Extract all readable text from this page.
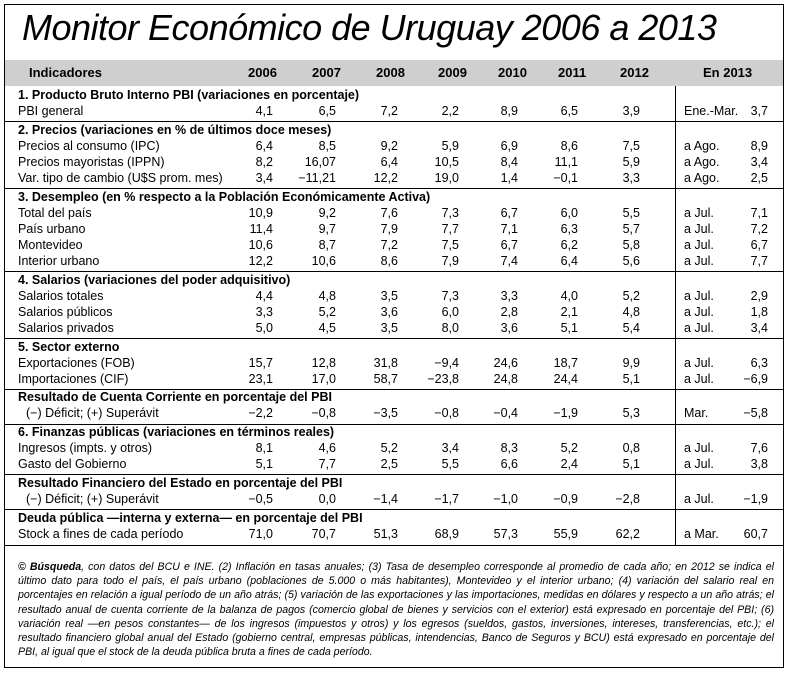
Monitor Económico de Uruguay 2006 a 2013
Indicadores	2006	2007	2008	2009 2010 2011	2012	En 2013
1. Producto Bruto Interno PBI (variaciones en porcentaje)
PBI general	4,1	6,5	7,2	2,2	8,9	6,5	3,9	Ene.-Mar. 3,7
2. Precios (variaciones en % de últimos doce meses)
Precios al consumo (IPC)	6,4	8,5	9,2	5,9	6,9	8,6	7,5	a Ago. 8,9
Precios mayoristas (IPPN)	8,2	16,07	6,4	10,5	8,4	11,1	5,9	a Ago. 3,4
Var. tipo de cambio (U$S prom. mes)	3,4 −11,21	12,2	19,0	1,4	−0,1	3,3	a Ago. 2,5
3. Desempleo (en % respecto a la Población Económicamente Activa)
Total del país	10,9	9,2	7,6	7,3	6,7	6,0	5,5	a Jul.	7,1
País urbano	11,4	9,7	7,9	7,7	7,1	6,3	5,7	a Jul.	7,2
Montevideo	10,6	8,7	7,2	7,5	6,7	6,2	5,8	a Jul.	6,7
Interior urbano	12,2	10,6	8,6	7,9	7,4	6,4	5,6	a Jul.	7,7
4. Salarios (variaciones del poder adquisitivo)
Salarios totales	4,4	4,8	3,5	7,3	3,3	4,0	5,2	a Jul.	2,9
Salarios públicos	3,3	5,2	3,6	6,0	2,8	2,1	4,8	a Jul.	1,8
Salarios privados	5,0	4,5	3,5	8,0	3,6	5,1	5,4	a Jul.	3,4
5. Sector externo
Exportaciones (FOB)	15,7	12,8	31,8	−9,4	24,6	18,7	9,9	a Jul.	6,3
Importaciones (CIF)	23,1	17,0	58,7 −23,8	24,8	24,4	5,1	a Jul. −6,9
Resultado de Cuenta Corriente en porcentaje del PBI
(−) Déficit; (+) Superávit	−2,2	−0,8	−3,5	−0,8	−0,4	−1,9	5,3	Mar.	−5,8
6. Finanzas públicas (variaciones en términos reales)
Ingresos (impts. y otros)	8,1	4,6	5,2	3,4	8,3	5,2	0,8	a Jul.	7,6
Gasto del Gobierno	5,1	7,7	2,5	5,5	6,6	2,4	5,1	a Jul.	3,8
Resultado Financiero del Estado en porcentaje del PBI
(−) Déficit; (+) Superávit	−0,5	0,0	−1,4	−1,7	−1,0	−0,9	−2,8	a Jul. −1,9
Deuda pública —interna y externa— en porcentaje del PBI
Stock a fines de cada período	71,0	70,7	51,3	68,9	57,3	55,9	62,2	a Mar. 60,7
© Búsqueda, con datos del BCU e INE. (2) Inflación en tasas anuales; (3) Tasa de desempleo corresponde al promedio de cada año; en 2012 se indica el último dato para todo el país, el país urbano (poblaciones de 5.000 o más habitantes), Montevideo y el interior urbano; (4) variación del salario real en porcentajes en relación a igual período de un año atrás; (5) variación de las exportaciones y las importaciones, medidas en dólares y respecto a un año atrás; el resultado anual de cuenta corriente de la balanza de pagos (comercio global de bienes y servicios con el exterior) está expresado en porcentaje del PBI; (6) variación real —en pesos constantes— de los ingresos (impuestos y otros) y los egresos (sueldos, gastos, inversiones, intereses, transferencias, etc.); el resultado financiero global anual del Estado (gobierno central, empresas públicas, intendencias, Banco de Seguros y BCU) está expresado en porcentaje del PBI, al igual que el stock de la deuda pública bruta a fines de cada período.
